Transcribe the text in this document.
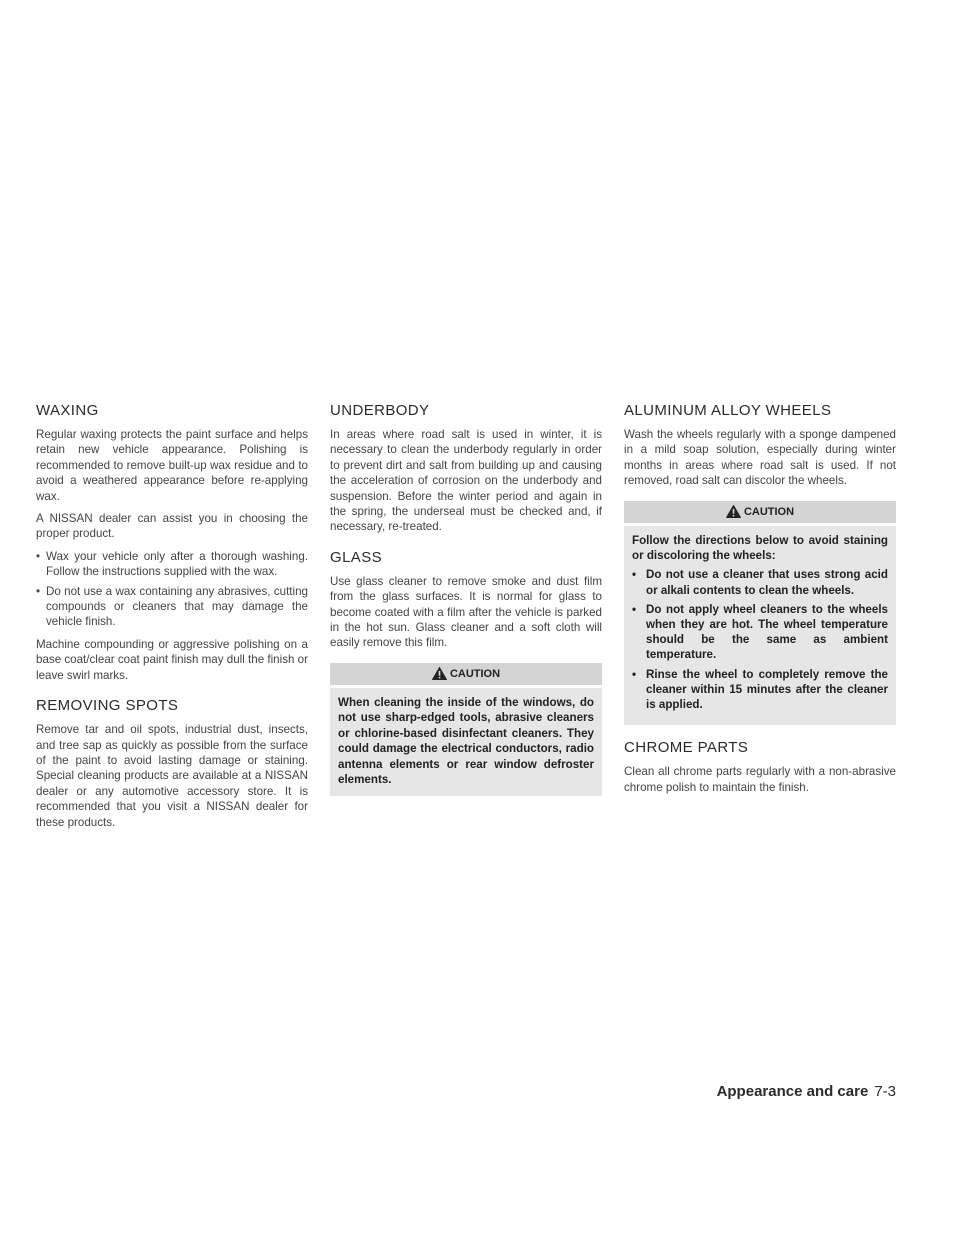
WAXING

Regular waxing protects the paint surface and helps retain new vehicle appearance. Polishing is recommended to remove built-up wax residue and to avoid a weathered appearance before re-applying wax.

A NISSAN dealer can assist you in choosing the proper product.

• Wax your vehicle only after a thorough washing. Follow the instructions supplied with the wax.
• Do not use a wax containing any abrasives, cutting compounds or cleaners that may damage the vehicle finish.

Machine compounding or aggressive polishing on a base coat/clear coat paint finish may dull the finish or leave swirl marks.

REMOVING SPOTS

Remove tar and oil spots, industrial dust, insects, and tree sap as quickly as possible from the surface of the paint to avoid lasting damage or staining. Special cleaning products are available at a NISSAN dealer or any automotive accessory store. It is recommended that you visit a NISSAN dealer for these products.

UNDERBODY

In areas where road salt is used in winter, it is necessary to clean the underbody regularly in order to prevent dirt and salt from building up and causing the acceleration of corrosion on the underbody and suspension. Before the winter period and again in the spring, the underseal must be checked and, if necessary, re-treated.

GLASS

Use glass cleaner to remove smoke and dust film from the glass surfaces. It is normal for glass to become coated with a film after the vehicle is parked in the hot sun. Glass cleaner and a soft cloth will easily remove this film.

CAUTION

When cleaning the inside of the windows, do not use sharp-edged tools, abrasive cleaners or chlorine-based disinfectant cleaners. They could damage the electrical conductors, radio antenna elements or rear window defroster elements.

ALUMINUM ALLOY WHEELS

Wash the wheels regularly with a sponge dampened in a mild soap solution, especially during winter months in areas where road salt is used. If not removed, road salt can discolor the wheels.

CAUTION

Follow the directions below to avoid staining or discoloring the wheels:

• Do not use a cleaner that uses strong acid or alkali contents to clean the wheels.
• Do not apply wheel cleaners to the wheels when they are hot. The wheel temperature should be the same as ambient temperature.
• Rinse the wheel to completely remove the cleaner within 15 minutes after the cleaner is applied.
CHROME PARTS

Clean all chrome parts regularly with a non-abrasive chrome polish to maintain the finish.

Appearance and care 7-3
